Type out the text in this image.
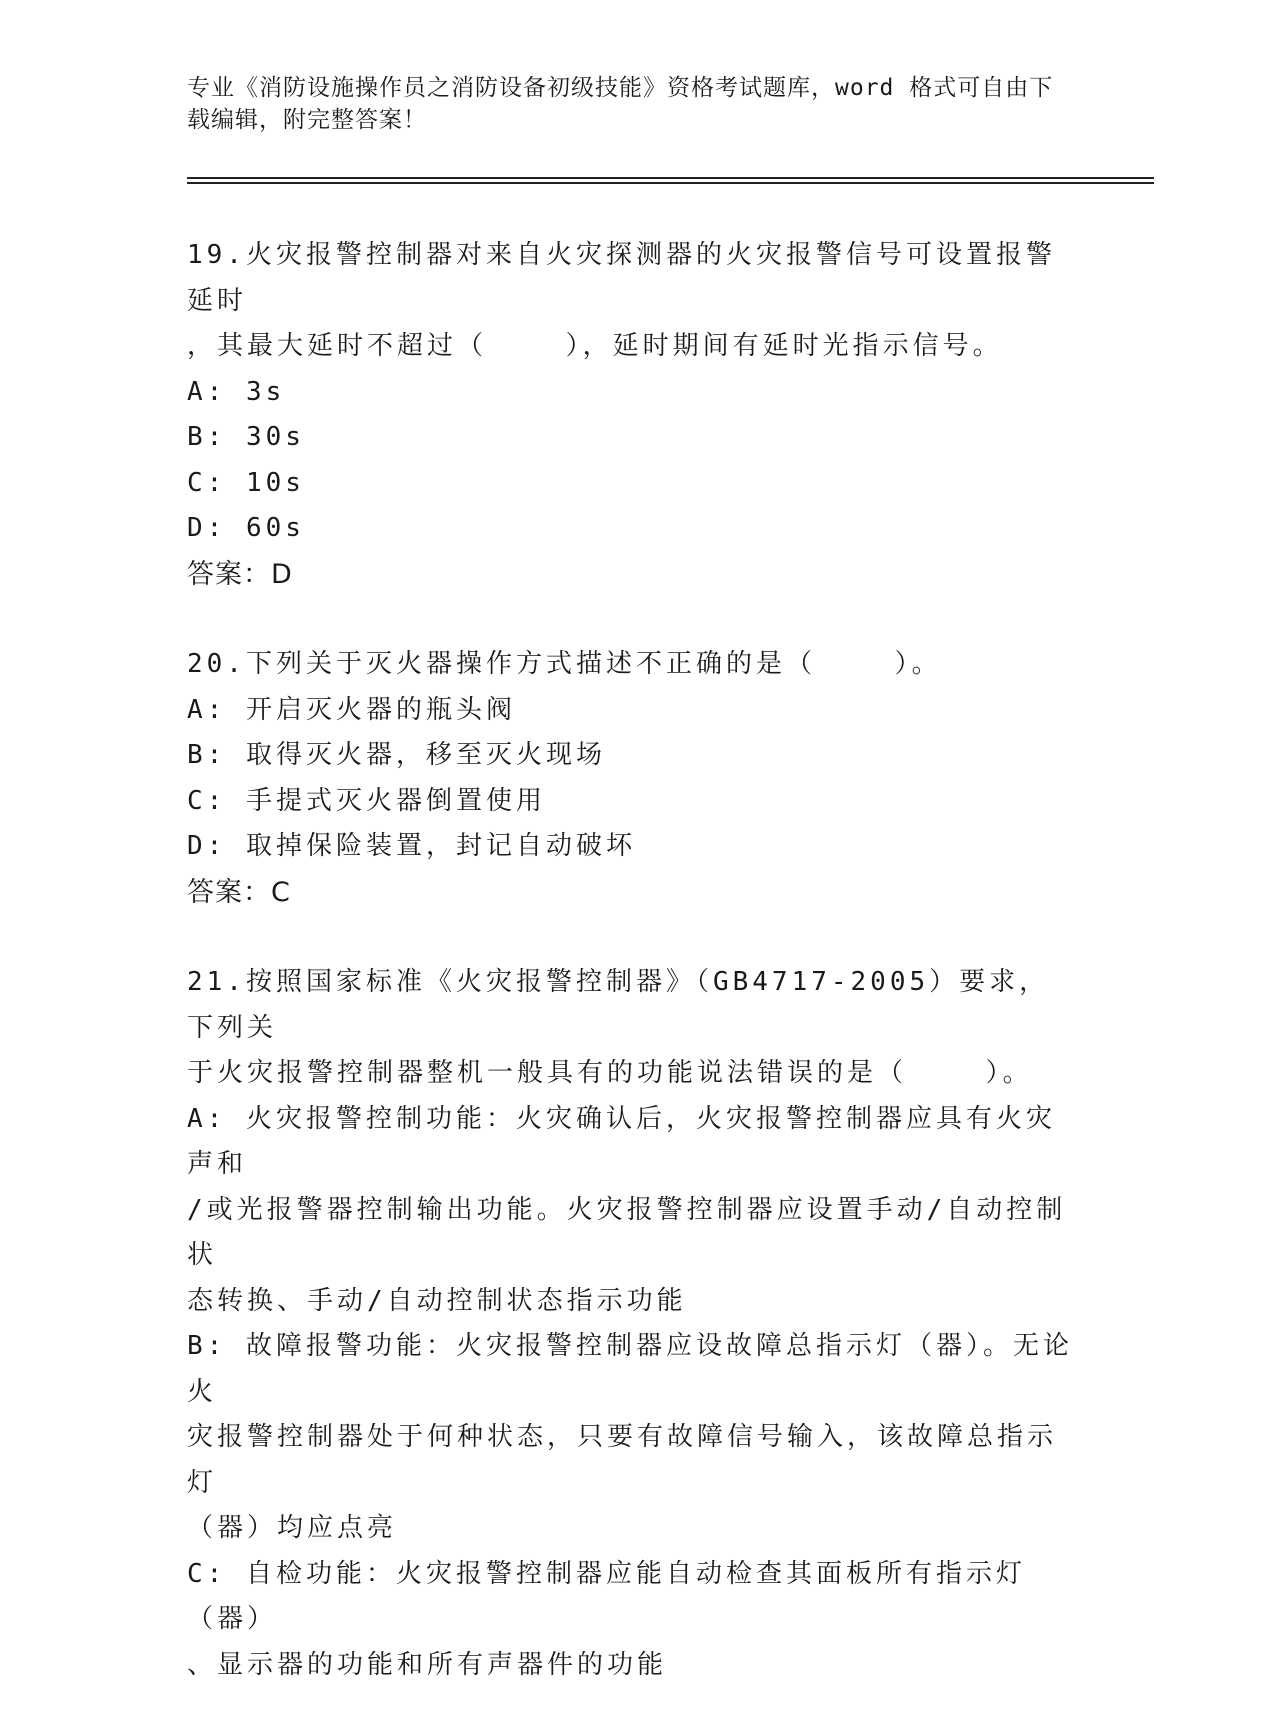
专业《消防设施操作员之消防设备初级技能》资格考试题库，word 格式可自由下
载编辑，附完整答案！
19.火灾报警控制器对来自火灾探测器的火灾报警信号可设置报警延时
，其最大延时不超过（    ），延时期间有延时光指示信号。
A: 3s
B: 30s
C: 10s
D: 60s
答案：D
20.下列关于灭火器操作方式描述不正确的是（    ）。
A: 开启灭火器的瓶头阀
B: 取得灭火器，移至灭火现场
C: 手提式灭火器倒置使用
D: 取掉保险装置，封记自动破坏
答案：C
21.按照国家标准《火灾报警控制器》（GB4717-2005）要求，下列关
于火灾报警控制器整机一般具有的功能说法错误的是（    ）。
A: 火灾报警控制功能：火灾确认后，火灾报警控制器应具有火灾声和
/或光报警器控制输出功能。火灾报警控制器应设置手动/自动控制状
态转换、手动/自动控制状态指示功能
B: 故障报警功能：火灾报警控制器应设故障总指示灯（器）。无论火
灾报警控制器处于何种状态，只要有故障信号输入，该故障总指示灯
（器）均应点亮
C: 自检功能：火灾报警控制器应能自动检查其面板所有指示灯（器）
、显示器的功能和所有声器件的功能
